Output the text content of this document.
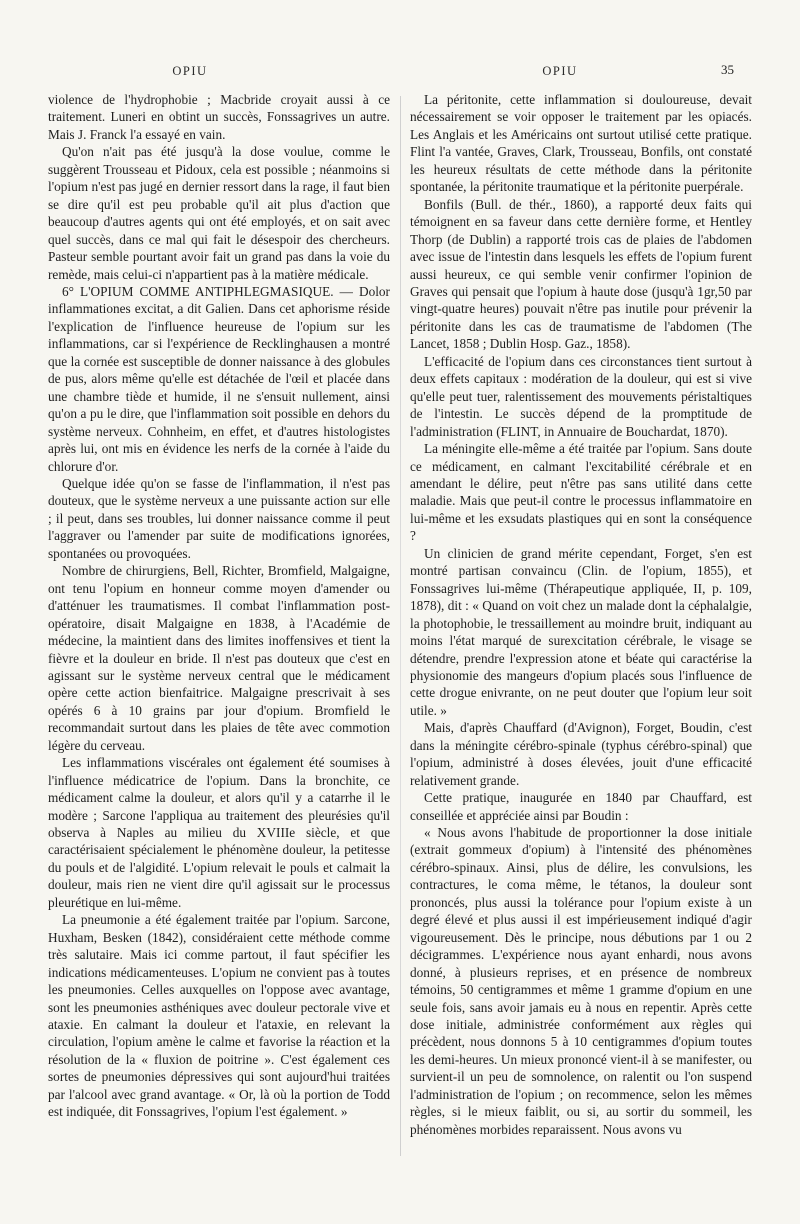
OPIU	OPIU	35

violence de l'hydrophobie ; Macbride croyait aussi à ce traitement. Luneri en obtint un succès, Fonssagrives un autre. Mais J. Franck l'a essayé en vain.

Qu'on n'ait pas été jusqu'à la dose voulue, comme le suggèrent Trousseau et Pidoux, cela est possible ; néanmoins si l'opium n'est pas jugé en dernier ressort dans la rage, il faut bien se dire qu'il est peu probable qu'il ait plus d'action que beaucoup d'autres agents qui ont été employés, et on sait avec quel succès, dans ce mal qui fait le désespoir des chercheurs. Pasteur semble pourtant avoir fait un grand pas dans la voie du remède, mais celui-ci n'appartient pas à la matière médicale.

6° L'OPIUM COMME ANTIPHLEGMASIQUE. — Dolor inflammationes excitat, a dit Galien. Dans cet aphorisme réside l'explication de l'influence heureuse de l'opium sur les inflammations, car si l'expérience de Recklinghausen a montré que la cornée est susceptible de donner naissance à des globules de pus, alors même qu'elle est détachée de l'œil et placée dans une chambre tiède et humide, il ne s'ensuit nullement, ainsi qu'on a pu le dire, que l'inflammation soit possible en dehors du système nerveux. Cohnheim, en effet, et d'autres histologistes après lui, ont mis en évidence les nerfs de la cornée à l'aide du chlorure d'or.

Quelque idée qu'on se fasse de l'inflammation, il n'est pas douteux, que le système nerveux a une puissante action sur elle ; il peut, dans ses troubles, lui donner naissance comme il peut l'aggraver ou l'amender par suite de modifications ignorées, spontanées ou provoquées.

Nombre de chirurgiens, Bell, Richter, Bromfield, Malgaigne, ont tenu l'opium en honneur comme moyen d'amender ou d'atténuer les traumatismes. Il combat l'inflammation post-opératoire, disait Malgaigne en 1838, à l'Académie de médecine, la maintient dans des limites inoffensives et tient la fièvre et la douleur en bride. Il n'est pas douteux que c'est en agissant sur le système nerveux central que le médicament opère cette action bienfaitrice. Malgaigne prescrivait à ses opérés 6 à 10 grains par jour d'opium. Bromfield le recommandait surtout dans les plaies de tête avec commotion légère du cerveau.

Les inflammations viscérales ont également été soumises à l'influence médicatrice de l'opium. Dans la bronchite, ce médicament calme la douleur, et alors qu'il y a catarrhe il le modère ; Sarcone l'appliqua au traitement des pleurésies qu'il observa à Naples au milieu du XVIIIe siècle, et que caractérisaient spécialement le phénomène douleur, la petitesse du pouls et de l'algidité. L'opium relevait le pouls et calmait la douleur, mais rien ne vient dire qu'il agissait sur le processus pleurétique en lui-même.

La pneumonie a été également traitée par l'opium. Sarcone, Huxham, Besken (1842), considéraient cette méthode comme très salutaire. Mais ici comme partout, il faut spécifier les indications médicamenteuses. L'opium ne convient pas à toutes les pneumonies. Celles auxquelles on l'oppose avec avantage, sont les pneumonies asthéniques avec douleur pectorale vive et ataxie. En calmant la douleur et l'ataxie, en relevant la circulation, l'opium amène le calme et favorise la réaction et la résolution de la « fluxion de poitrine ». C'est également ces sortes de pneumonies dépressives qui sont aujourd'hui traitées par l'alcool avec grand avantage. « Or, là où la portion de Todd est indiquée, dit Fonssagrives, l'opium l'est également. »

La péritonite, cette inflammation si douloureuse, devait nécessairement se voir opposer le traitement par les opiacés. Les Anglais et les Américains ont surtout utilisé cette pratique. Flint l'a vantée, Graves, Clark, Trousseau, Bonfils, ont constaté les heureux résultats de cette méthode dans la péritonite spontanée, la péritonite traumatique et la péritonite puerpérale.

Bonfils (Bull. de thér., 1860), a rapporté deux faits qui témoignent en sa faveur dans cette dernière forme, et Hentley Thorp (de Dublin) a rapporté trois cas de plaies de l'abdomen avec issue de l'intestin dans lesquels les effets de l'opium furent aussi heureux, ce qui semble venir confirmer l'opinion de Graves qui pensait que l'opium à haute dose (jusqu'à 1gr,50 par vingt-quatre heures) pouvait n'être pas inutile pour prévenir la péritonite dans les cas de traumatisme de l'abdomen (The Lancet, 1858 ; Dublin Hosp. Gaz., 1858).

L'efficacité de l'opium dans ces circonstances tient surtout à deux effets capitaux : modération de la douleur, qui est si vive qu'elle peut tuer, ralentissement des mouvements péristaltiques de l'intestin. Le succès dépend de la promptitude de l'administration (FLINT, in Annuaire de Bouchardat, 1870).

La méningite elle-même a été traitée par l'opium. Sans doute ce médicament, en calmant l'excitabilité cérébrale et en amendant le délire, peut n'être pas sans utilité dans cette maladie. Mais que peut-il contre le processus inflammatoire en lui-même et les exsudats plastiques qui en sont la conséquence ?

Un clinicien de grand mérite cependant, Forget, s'en est montré partisan convaincu (Clin. de l'opium, 1855), et Fonssagrives lui-même (Thérapeutique appliquée, II, p. 109, 1878), dit : « Quand on voit chez un malade dont la céphalalgie, la photophobie, le tressaillement au moindre bruit, indiquant au moins l'état marqué de surexcitation cérébrale, le visage se détendre, prendre l'expression atone et béate qui caractérise la physionomie des mangeurs d'opium placés sous l'influence de cette drogue enivrante, on ne peut douter que l'opium leur soit utile. »

Mais, d'après Chauffard (d'Avignon), Forget, Boudin, c'est dans la méningite cérébro-spinale (typhus cérébro-spinal) que l'opium, administré à doses élevées, jouit d'une efficacité relativement grande.

Cette pratique, inaugurée en 1840 par Chauffard, est conseillée et appréciée ainsi par Boudin :

« Nous avons l'habitude de proportionner la dose initiale (extrait gommeux d'opium) à l'intensité des phénomènes cérébro-spinaux. Ainsi, plus de délire, les convulsions, les contractures, le coma même, le tétanos, la douleur sont prononcés, plus aussi la tolérance pour l'opium existe à un degré élevé et plus aussi il est impérieusement indiqué d'agir vigoureusement. Dès le principe, nous débutions par 1 ou 2 décigrammes. L'expérience nous ayant enhardi, nous avons donné, à plusieurs reprises, et en présence de nombreux témoins, 50 centigrammes et même 1 gramme d'opium en une seule fois, sans avoir jamais eu à nous en repentir. Après cette dose initiale, administrée conformément aux règles qui précèdent, nous donnons 5 à 10 centigrammes d'opium toutes les demi-heures. Un mieux prononcé vient-il à se manifester, ou survient-il un peu de somnolence, on ralentit ou l'on suspend l'administration de l'opium ; on recommence, selon les mêmes règles, si le mieux faiblit, ou si, au sortir du sommeil, les phénomènes morbides reparaissent. Nous avons vu
